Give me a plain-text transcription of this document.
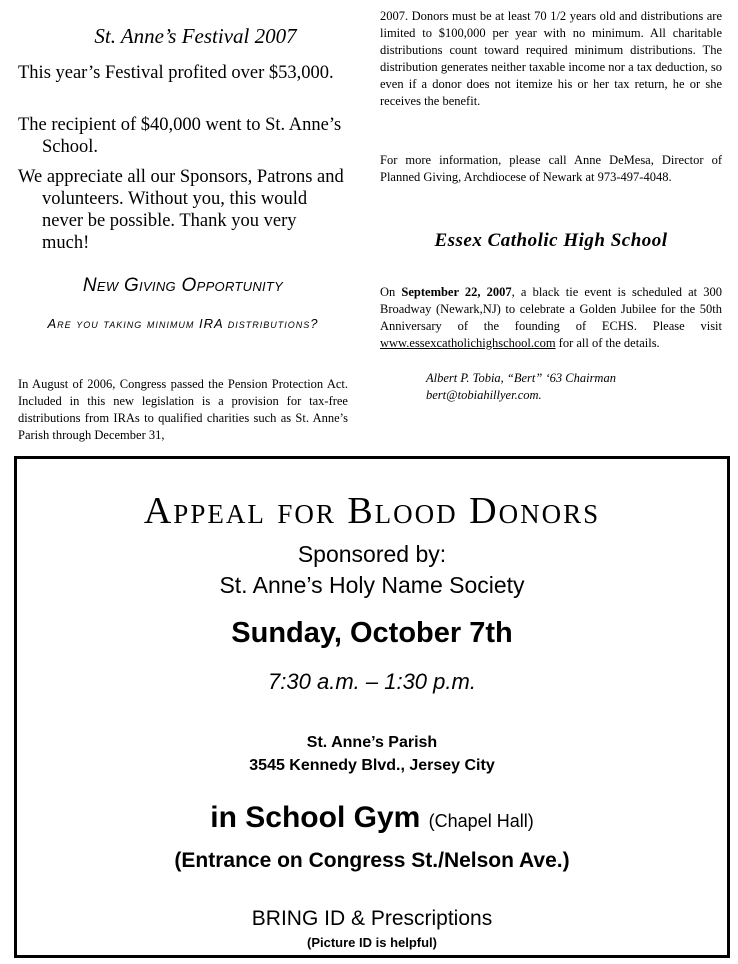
St. Anne’s Festival 2007
This year’s Festival profited over $53,000.
The recipient of $40,000 went to St. Anne’s School.
We appreciate all our Sponsors, Patrons and volunteers. Without you, this would never be possible. Thank you very much!
New Giving Opportunity
Are you taking minimum IRA distributions?
In August of 2006, Congress passed the Pension Protection Act. Included in this new legislation is a provision for tax-free distributions from IRAs to qualified charities such as St. Anne’s Parish through December 31,
2007. Donors must be at least 70 1/2 years old and distributions are limited to $100,000 per year with no minimum. All charitable distributions count toward required minimum distributions. The distribution generates neither taxable income nor a tax deduction, so even if a donor does not itemize his or her tax return, he or she receives the benefit.
For more information, please call Anne DeMesa, Director of Planned Giving, Archdiocese of Newark at 973-497-4048.
Essex Catholic High School
On September 22, 2007, a black tie event is scheduled at 300 Broadway (Newark,NJ) to celebrate a Golden Jubilee for the 50th Anniversary of the founding of ECHS. Please visit www.essexcatholichighschool.com for all of the details.
Albert P. Tobia, “Bert” ‘63 Chairman
bert@tobiahillyer.com.
Appeal for Blood Donors
Sponsored by:
St. Anne’s Holy Name Society
Sunday, October 7th
7:30 a.m. – 1:30 p.m.
St. Anne’s Parish
3545 Kennedy Blvd., Jersey City
in School Gym (Chapel Hall)
(Entrance on Congress St./Nelson Ave.)
BRING ID & Prescriptions
(Picture ID is helpful)
